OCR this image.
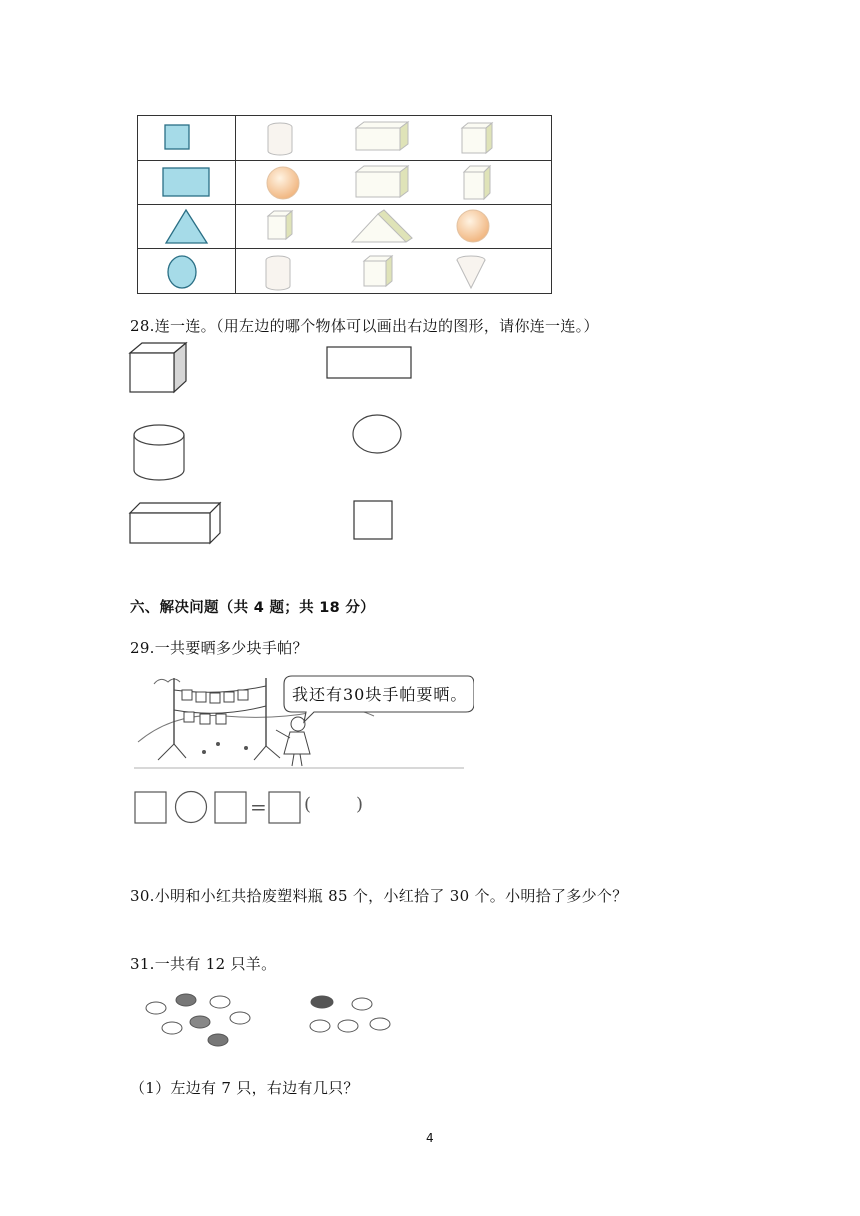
28.连一连。（用左边的哪个物体可以画出右边的图形，请你连一连。）
六、解决问题（共 4 题；共 18 分）
29.一共要晒多少块手帕？
我还有30块手帕要晒。
= ( )
30.小明和小红共拾废塑料瓶 85 个，小红拾了 30 个。小明拾了多少个？
31.一共有 12 只羊。
（1）左边有 7 只，右边有几只？
4
